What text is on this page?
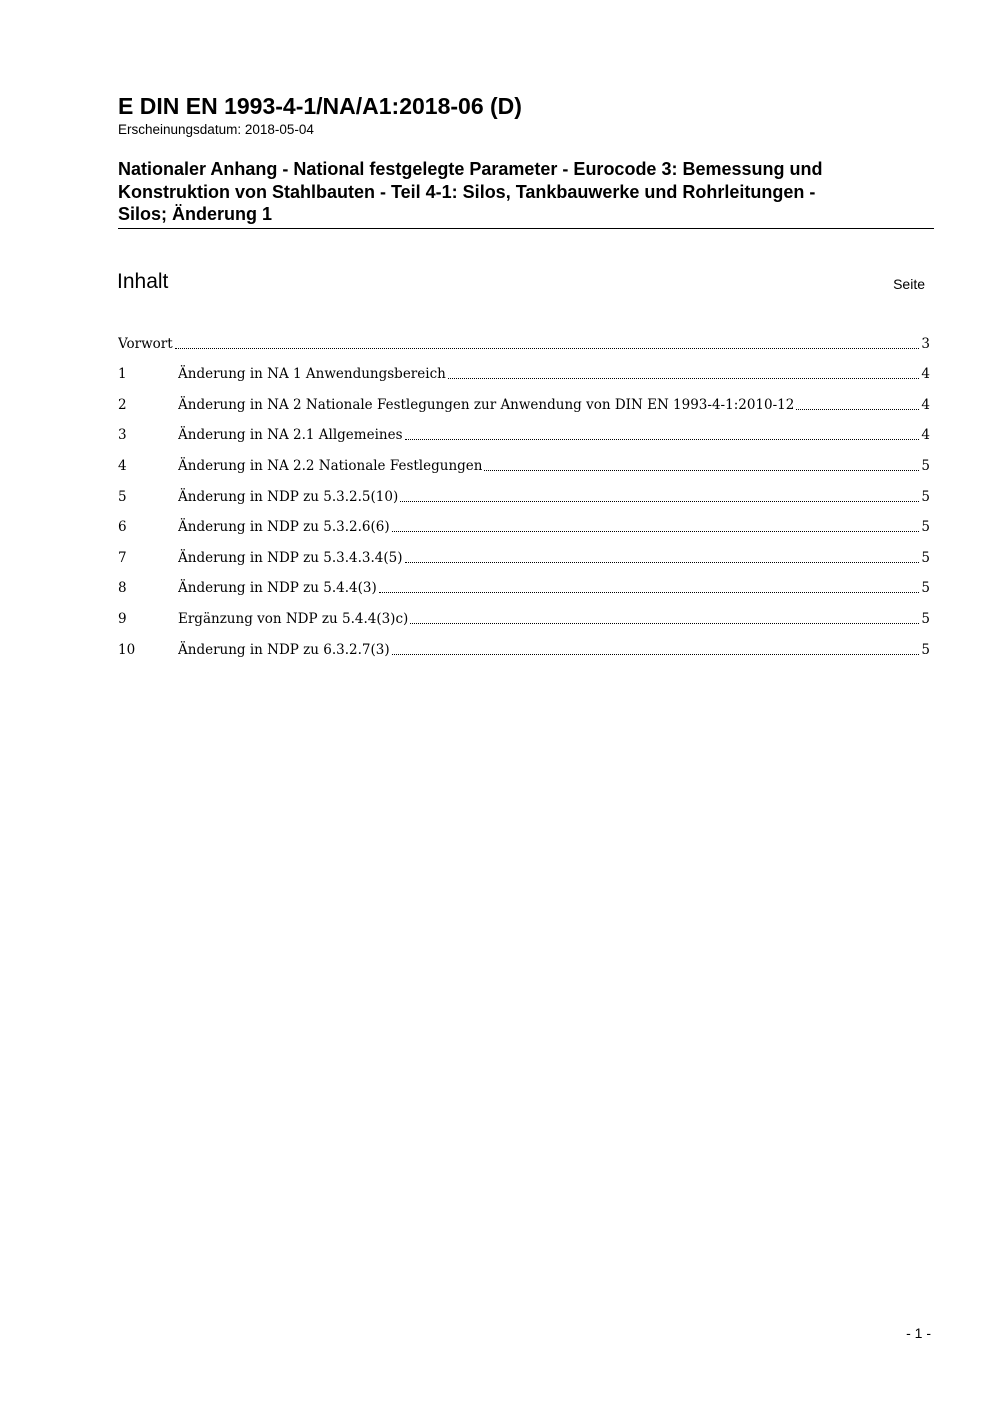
E DIN EN 1993-4-1/NA/A1:2018-06 (D)
Erscheinungsdatum: 2018-05-04
Nationaler Anhang - National festgelegte Parameter - Eurocode 3: Bemessung und
Konstruktion von Stahlbauten - Teil 4-1: Silos, Tankbauwerke und Rohrleitungen -
Silos; Änderung 1
Inhalt	Seite
Vorwort	3
1	Änderung in NA 1 Anwendungsbereich	4
2	Änderung in NA 2 Nationale Festlegungen zur Anwendung von DIN EN 1993-4-1:2010-12	4
3	Änderung in NA 2.1 Allgemeines	4
4	Änderung in NA 2.2 Nationale Festlegungen	5
5	Änderung in NDP zu 5.3.2.5(10)	5
6	Änderung in NDP zu 5.3.2.6(6)	5
7	Änderung in NDP zu 5.3.4.3.4(5)	5
8	Änderung in NDP zu 5.4.4(3)	5
9	Ergänzung von NDP zu 5.4.4(3)c)	5
10	Änderung in NDP zu 6.3.2.7(3)	5
- 1 -
